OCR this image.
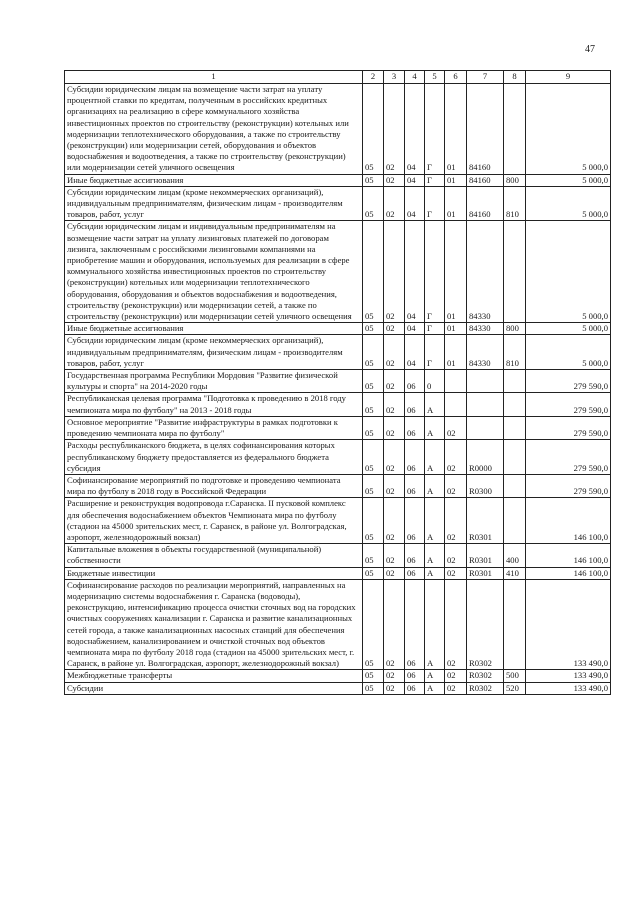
47
1	2	3	4	5	6	7	8	9
Субсидии юридическим лицам на возмещение части затрат на уплату процентной ставки по кредитам, полученным в российских кредитных организациях на реализацию в сфере коммунального хозяйства инвестиционных проектов по строительству (реконструкции) котельных или модернизации теплотехнического оборудования, а также по строительству (реконструкции) или модернизации сетей, оборудования и объектов водоснабжения и водоотведения, а также по строительству (реконструкции) или модернизации сетей уличного освещения	05	02	04	Г	01	84160		5 000,0
Иные бюджетные ассигнования	05	02	04	Г	01	84160	800	5 000,0
Субсидии юридическим лицам (кроме некоммерческих организаций), индивидуальным предпринимателям, физическим лицам - производителям товаров, работ, услуг	05	02	04	Г	01	84160	810	5 000,0
Субсидии юридическим лицам и индивидуальным предпринимателям на возмещение части затрат на уплату лизинговых платежей по договорам лизинга, заключенным с российскими лизинговыми компаниями на приобретение машин и оборудования, используемых для реализации в сфере коммунального хозяйства инвестиционных проектов по строительству (реконструкции) котельных или модернизации теплотехнического оборудования, оборудования и объектов водоснабжения и водоотведения, строительству (реконструкции) или модернизации сетей, а также по строительству (реконструкции) или модернизации сетей уличного освещения	05	02	04	Г	01	84330		5 000,0
Иные бюджетные ассигнования	05	02	04	Г	01	84330	800	5 000,0
Субсидии юридическим лицам (кроме некоммерческих организаций), индивидуальным предпринимателям, физическим лицам - производителям товаров, работ, услуг	05	02	04	Г	01	84330	810	5 000,0
Государственная программа Республики Мордовия "Развитие физической культуры и спорта" на 2014-2020 годы	05	02	06	0				279 590,0
Республиканская целевая программа "Подготовка к проведению в 2018 году чемпионата мира по футболу" на 2013 - 2018 годы	05	02	06	А				279 590,0
Основное мероприятие "Развитие инфраструктуры в рамках подготовки к проведению чемпионата мира по футболу"	05	02	06	А	02			279 590,0
Расходы республиканского бюджета, в целях софинансирования которых республиканскому бюджету предоставляется из федерального бюджета субсидия	05	02	06	А	02	R0000		279 590,0
Софинансирование мероприятий по подготовке и проведению чемпионата мира по футболу в 2018 году в Российской Федерации	05	02	06	А	02	R0300		279 590,0
Расширение и реконструкция водопровода г.Саранска. II пусковой комплекс для обеспечения водоснабжением объектов Чемпионата мира по футболу (стадион на 45000 зрительских мест, г. Саранск, в районе ул. Волгоградская, аэропорт, железнодорожный вокзал)	05	02	06	А	02	R0301		146 100,0
Капитальные вложения в объекты государственной (муниципальной) собственности	05	02	06	А	02	R0301	400	146 100,0
Бюджетные инвестиции	05	02	06	А	02	R0301	410	146 100,0
Софинансирование расходов по реализации мероприятий, направленных на модернизацию системы водоснабжения г. Саранска (водоводы), реконструкцию, интенсификацию процесса очистки сточных вод на городских очистных сооружениях канализации г. Саранска и развитие канализационных сетей города, а также канализационных насосных станций для обеспечения водоснабжением, канализированием и очисткой сточных вод объектов чемпионата мира по футболу 2018 года (стадион на 45000 зрительских мест, г. Саранск, в районе ул. Волгоградская, аэропорт, железнодорожный вокзал)	05	02	06	А	02	R0302		133 490,0
Межбюджетные трансферты	05	02	06	А	02	R0302	500	133 490,0
Субсидии	05	02	06	А	02	R0302	520	133 490,0
